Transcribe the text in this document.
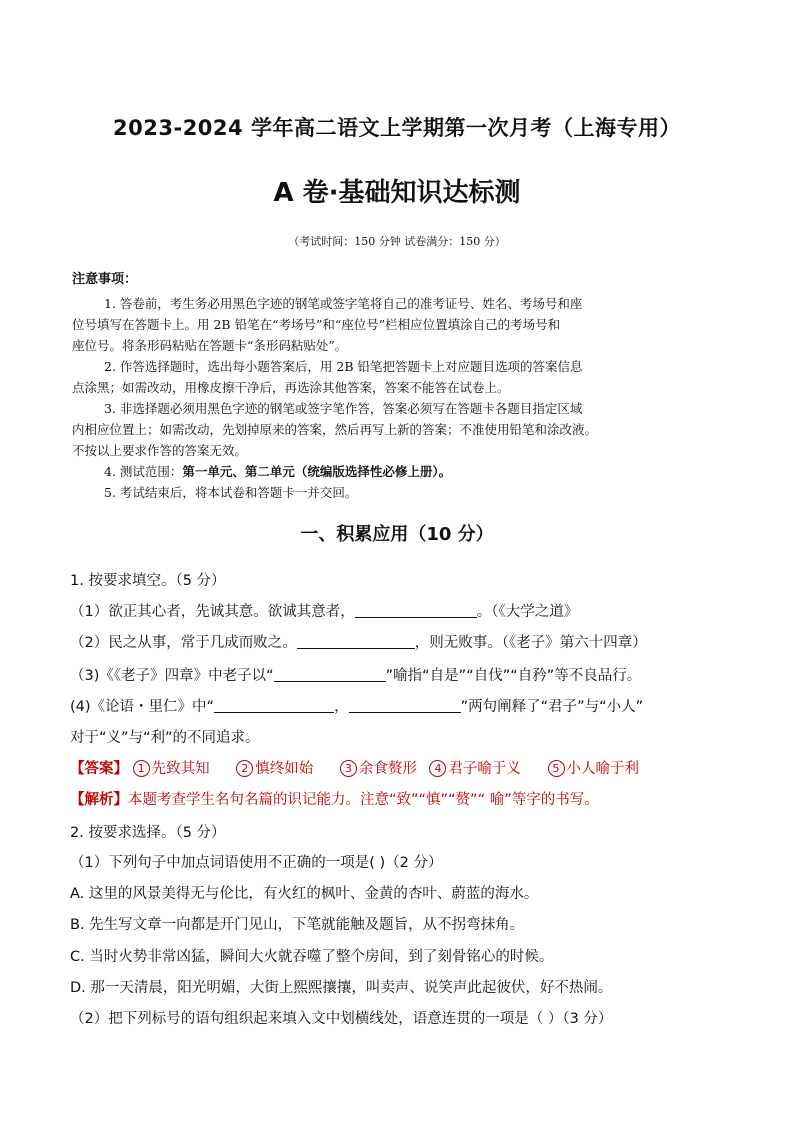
2023-2024 学年高二语文上学期第一次月考（上海专用）
A 卷·基础知识达标测
（考试时间：150 分钟 试卷满分：150 分）
注意事项：
1. 答卷前，考生务必用黑色字迹的钢笔或签字笔将自己的准考证号、姓名、考场号和座
位号填写在答题卡上。用 2B 铅笔在“考场号”和“座位号”栏相应位置填涂自己的考场号和
座位号。将条形码粘贴在答题卡“条形码粘贴处”。
2. 作答选择题时，选出每小题答案后，用 2B 铅笔把答题卡上对应题目选项的答案信息
点涂黑；如需改动，用橡皮擦干净后，再选涂其他答案，答案不能答在试卷上。
3. 非选择题必须用黑色字迹的钢笔或签字笔作答，答案必须写在答题卡各题目指定区域
内相应位置上；如需改动，先划掉原来的答案，然后再写上新的答案；不准使用铅笔和涂改液。
不按以上要求作答的答案无效。
4. 测试范围：第一单元、第二单元（统编版选择性必修上册）。
5. 考试结束后，将本试卷和答题卡一并交回。
一、积累应用（10 分）
1. 按要求填空。（5 分）
（1）欲正其心者，先诚其意。欲诚其意者，	。（《大学之道》
（2）民之从事，常于几成而败之。	，则无败事。（《老子》第六十四章）
（3)《《老子》四章》中老子以“	”喻指“自是”“自伐”“自矜”等不良品行。
(4)《论语・里仁》中“	，	”两句阐释了“君子”与“小人”
对于“义”与“利”的不同追求。
【答案】 1 先致其知	2 慎终如始	3 余食赘形 4 君子喻于义	5 小人喻于利
【解析】本题考查学生名句名篇的识记能力。注意“致”“慎”“赘”“ 喻”等字的书写。
2. 按要求选择。（5 分）
（1）下列句子中加点词语使用不正确的一项是( )（2 分）
A. 这里的风景美得无与伦比，有火红的枫叶、金黄的杏叶、蔚蓝的海水。
B. 先生写文章一向都是开门见山，下笔就能触及题旨，从不拐弯抹角。
C. 当时火势非常凶猛，瞬间大火就吞噬了整个房间，到了刻骨铭心的时候。
D. 那一天清晨，阳光明媚，大街上熙熙攘攘，叫卖声、说笑声此起彼伏，好不热闹。
（2）把下列标号的语句组织起来填入文中划横线处，语意连贯的一项是（ ）（3 分）
